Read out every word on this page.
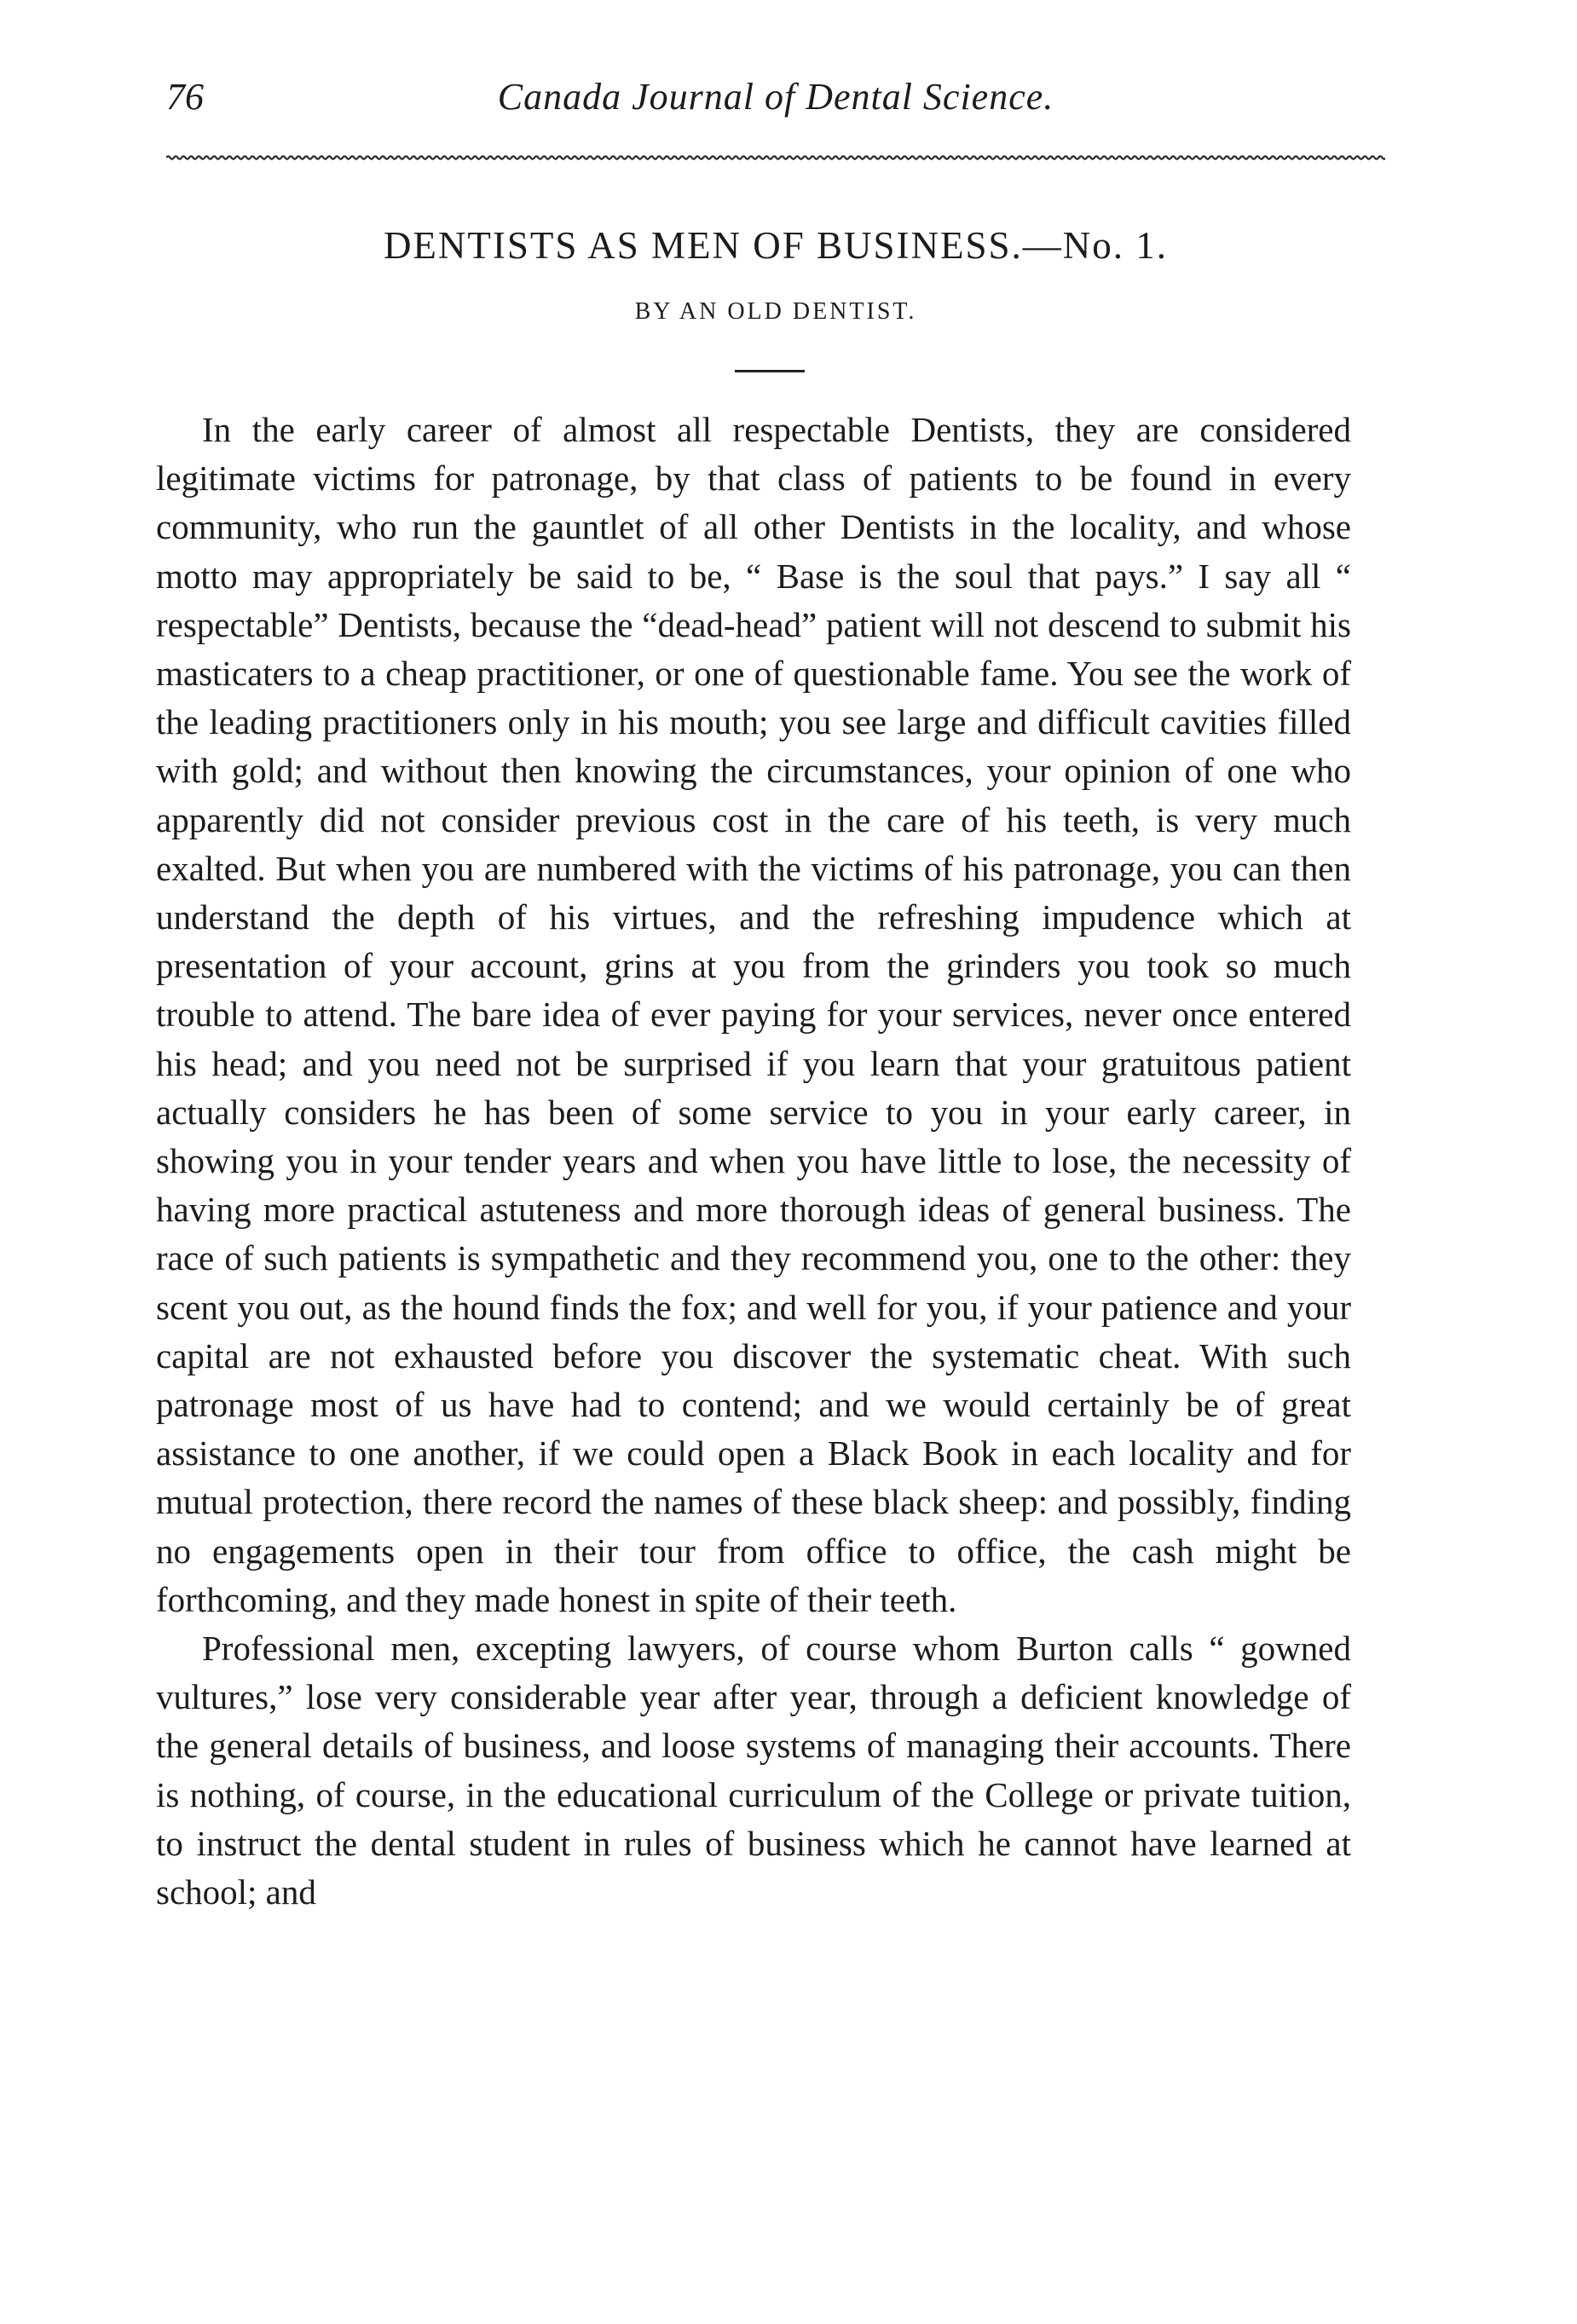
76	Canada Journal of Dental Science.
DENTISTS AS MEN OF BUSINESS.—No. 1.
BY AN OLD DENTIST.

In the early career of almost all respectable Dentists, they are considered legitimate victims for patronage, by that class of patients to be found in every community, who run the gauntlet of all other Dentists in the locality, and whose motto may appropriately be said to be, “ Base is the soul that pays.” I say all “ respectable” Dentists, because the “dead-head” patient will not descend to submit his masticaters to a cheap practitioner, or one of questionable fame. You see the work of the leading practitioners only in his mouth; you see large and difficult cavities filled with gold; and without then knowing the circumstances, your opinion of one who apparently did not consider previous cost in the care of his teeth, is very much exalted. But when you are numbered with the victims of his patronage, you can then understand the depth of his virtues, and the refreshing impudence which at presentation of your account, grins at you from the grinders you took so much trouble to attend. The bare idea of ever paying for your services, never once entered his head; and you need not be surprised if you learn that your gratuitous patient actually considers he has been of some service to you in your early career, in showing you in your tender years and when you have little to lose, the necessity of having more practical astuteness and more thorough ideas of general business. The race of such patients is sympathetic and they recommend you, one to the other: they scent you out, as the hound finds the fox; and well for you, if your patience and your capital are not exhausted before you discover the systematic cheat. With such patronage most of us have had to contend; and we would certainly be of great assistance to one another, if we could open a Black Book in each locality and for mutual protection, there record the names of these black sheep: and possibly, finding no engagements open in their tour from office to office, the cash might be forthcoming, and they made honest in spite of their teeth.

Professional men, excepting lawyers, of course whom Burton calls “ gowned vultures,” lose very considerable year after year, through a deficient knowledge of the general details of business, and loose systems of managing their accounts. There is nothing, of course, in the educational curriculum of the College or private tuition, to instruct the dental student in rules of business which he cannot have learned at school; and
